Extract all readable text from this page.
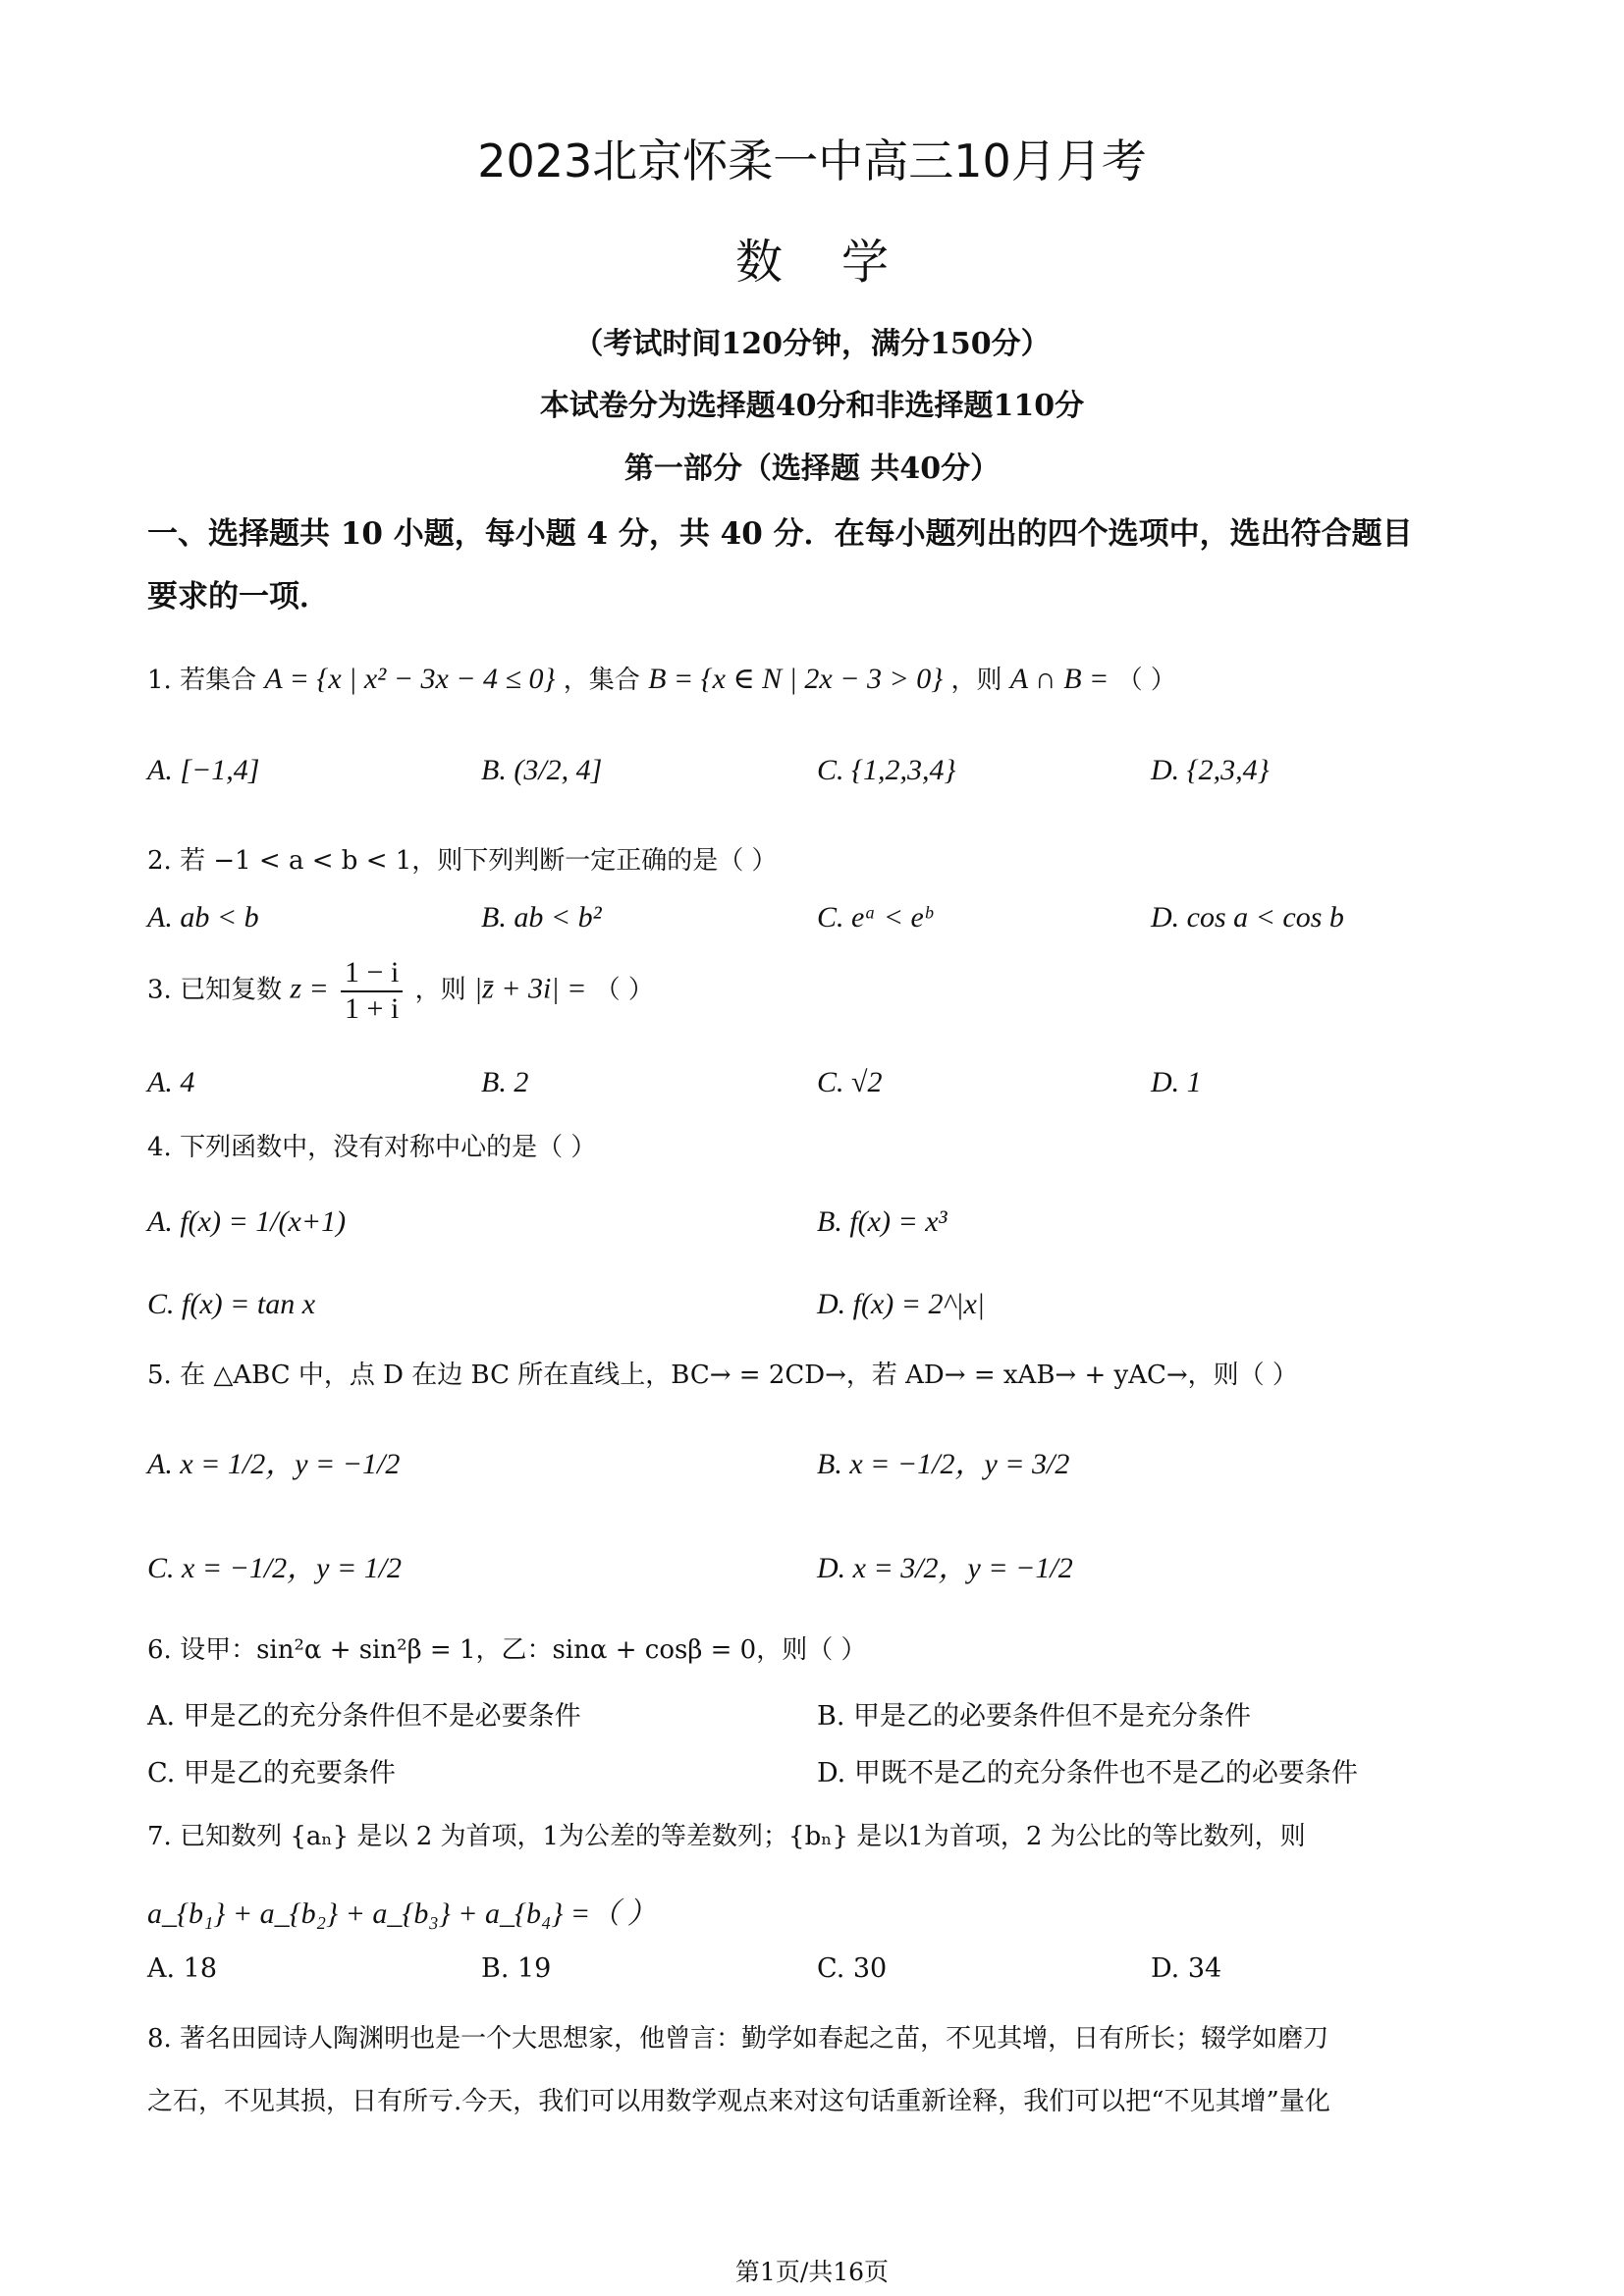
2023北京怀柔一中高三10月月考
数学
（考试时间120分钟，满分150分）
本试卷分为选择题40分和非选择题110分
第一部分（选择题 共40分）
一、选择题共 10 小题，每小题 4 分，共 40 分．在每小题列出的四个选项中，选出符合题目
要求的一项．
1. 若集合 A = {x | x² − 3x − 4 ≤ 0} ，集合 B = {x ∈ N | 2x − 3 > 0} ，则 A ∩ B = （ ）
A. [−1,4]	B. (3/2, 4]	C. {1,2,3,4}	D. {2,3,4}
2. 若 −1 < a < b < 1，则下列判断一定正确的是（ ）
A. ab < b	B. ab < b²	C. eᵃ < eᵇ	D. cos a < cos b
3. 已知复数 $z = \frac{1 - i}{1 + i}$ ，则 |z̄ + 3i| = （ ）
A. 4	B. 2	C. √2	D. 1
4. 下列函数中，没有对称中心的是（ ）
A. f(x) = 1/(x+1)	B. f(x) = x³
C. f(x) = tan x	D. f(x) = 2^|x|
5. 在 △ABC 中，点 D 在边 BC 所在直线上，BC→ = 2CD→，若 AD→ = xAB→ + yAC→，则（ ）
A. x = 1/2，y = −1/2	B. x = −1/2，y = 3/2
C. x = −1/2，y = 1/2	D. x = 3/2，y = −1/2
6. 设甲：sin²α + sin²β = 1，乙：sinα + cosβ = 0，则（ ）
A. 甲是乙的充分条件但不是必要条件	B. 甲是乙的必要条件但不是充分条件
C. 甲是乙的充要条件	D. 甲既不是乙的充分条件也不是乙的必要条件
7. 已知数列 {aₙ} 是以 2 为首项，1为公差的等差数列；{bₙ} 是以1为首项，2 为公比的等比数列，则
a_{b₁} + a_{b₂} + a_{b₃} + a_{b₄} =（ ）
A. 18	B. 19	C. 30	D. 34
8. 著名田园诗人陶渊明也是一个大思想家，他曾言：勤学如春起之苗，不见其增，日有所长；辍学如磨刀
之石，不见其损，日有所亏.今天，我们可以用数学观点来对这句话重新诠释，我们可以把“不见其增”量化
第1页/共16页
